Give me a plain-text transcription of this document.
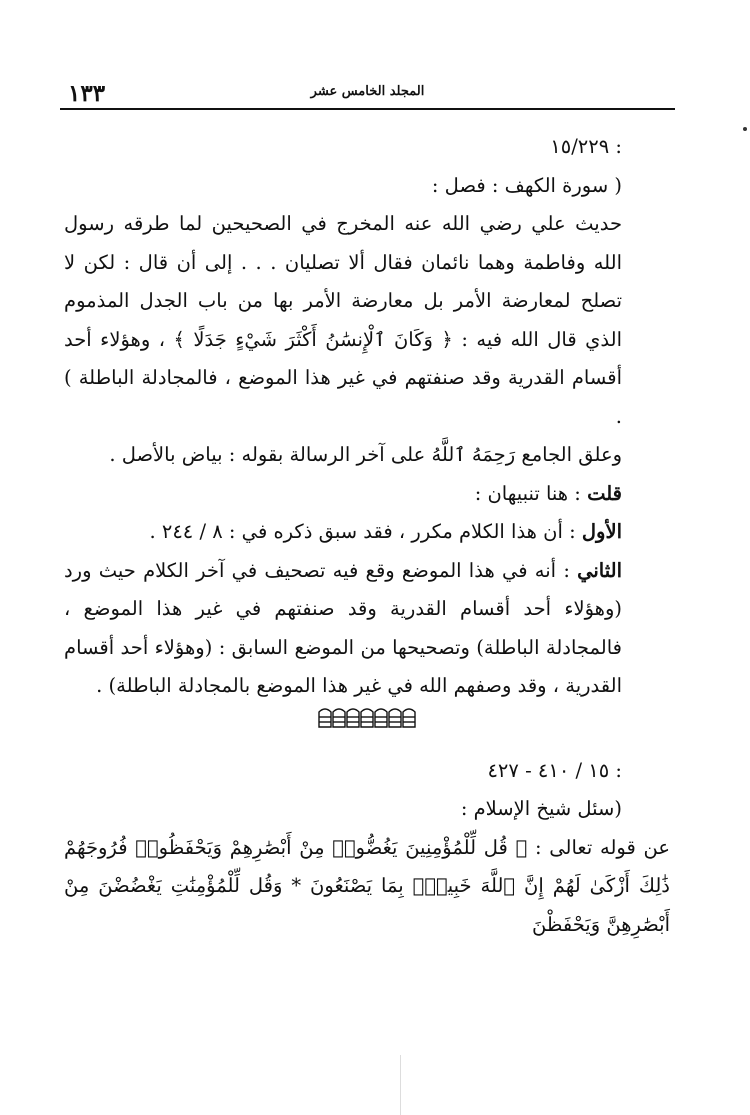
١٣٣	المجلد الخامس عشر

: ١٥/٢٢٩

( سورة الكهف : فصل :

حديث علي رضي الله عنه المخرج في الصحيحين لما طرقه رسول الله وفاطمة وهما نائمان فقال ألا تصليان . . . إلى أن قال : لكن لا تصلح لمعارضة الأمر بل معارضة الأمر بها من باب الجدل المذموم الذي قال الله فيه : ﴿ وَكَانَ ٱلْإِنسَٰنُ أَكْثَرَ شَيْءٍ جَدَلًا ﴾ ، وهؤلاء أحد أقسام القدرية وقد صنفتهم في غير هذا الموضع ، فالمجادلة الباطلة ) .

وعلق الجامع رَحِمَهُ ٱللَّهُ على آخر الرسالة بقوله : بياض بالأصل .

قلت : هنا تنبيهان :

الأول : أن هذا الكلام مكرر ، فقد سبق ذكره في : ٨ / ٢٤٤ .

الثاني : أنه في هذا الموضع وقع فيه تصحيف في آخر الكلام حيث ورد (وهؤلاء أحد أقسام القدرية وقد صنفتهم في غير هذا الموضع ، فالمجادلة الباطلة) وتصحيحها من الموضع السابق : (وهؤلاء أحد أقسام القدرية ، وقد وصفهم الله في غير هذا الموضع بالمجادلة الباطلة) .

: ١٥ / ٤١٠ - ٤٢٧

(سئل شيخ الإسلام :

عن قوله تعالى : ﴿ قُل لِّلْمُؤْمِنِينَ يَغُضُّوا۟ مِنْ أَبْصَٰرِهِمْ وَيَحْفَظُوا۟ فُرُوجَهُمْ ذَٰلِكَ أَزْكَىٰ لَهُمْ إِنَّ ٱللَّهَ خَبِيرٌۢ بِمَا يَصْنَعُونَ * وَقُل لِّلْمُؤْمِنَٰتِ يَغْضُضْنَ مِنْ أَبْصَٰرِهِنَّ وَيَحْفَظْنَ
